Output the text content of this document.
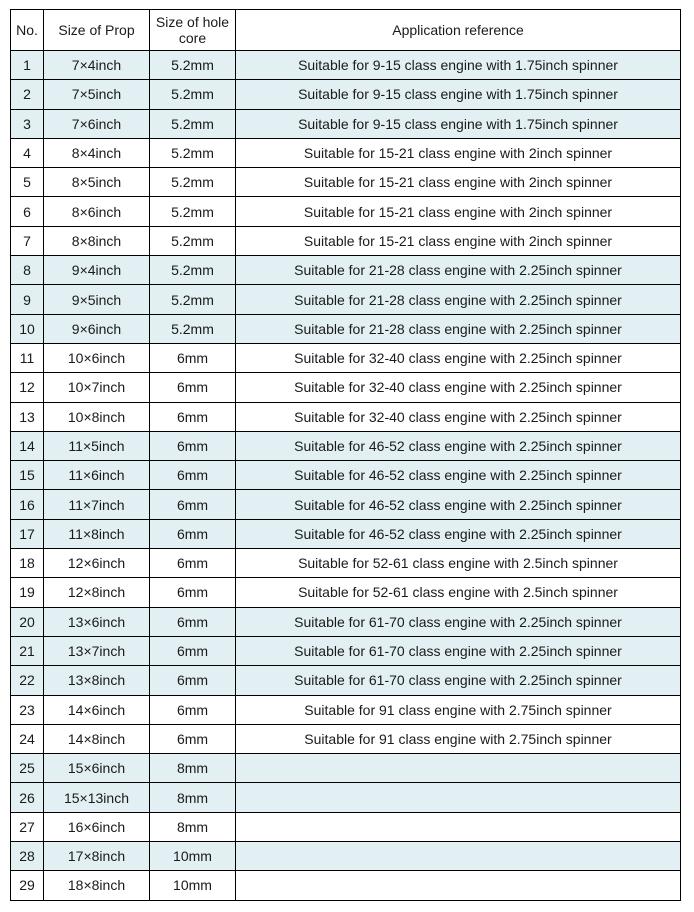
No.	Size of Prop	Size of hole core	Application reference
1	7×4inch	5.2mm	Suitable for 9-15 class engine with 1.75inch spinner
2	7×5inch	5.2mm	Suitable for 9-15 class engine with 1.75inch spinner
3	7×6inch	5.2mm	Suitable for 9-15 class engine with 1.75inch spinner
4	8×4inch	5.2mm	Suitable for 15-21 class engine with 2inch spinner
5	8×5inch	5.2mm	Suitable for 15-21 class engine with 2inch spinner
6	8×6inch	5.2mm	Suitable for 15-21 class engine with 2inch spinner
7	8×8inch	5.2mm	Suitable for 15-21 class engine with 2inch spinner
8	9×4inch	5.2mm	Suitable for 21-28 class engine with 2.25inch spinner
9	9×5inch	5.2mm	Suitable for 21-28 class engine with 2.25inch spinner
10	9×6inch	5.2mm	Suitable for 21-28 class engine with 2.25inch spinner
11	10×6inch	6mm	Suitable for 32-40 class engine with 2.25inch spinner
12	10×7inch	6mm	Suitable for 32-40 class engine with 2.25inch spinner
13	10×8inch	6mm	Suitable for 32-40 class engine with 2.25inch spinner
14	11×5inch	6mm	Suitable for 46-52 class engine with 2.25inch spinner
15	11×6inch	6mm	Suitable for 46-52 class engine with 2.25inch spinner
16	11×7inch	6mm	Suitable for 46-52 class engine with 2.25inch spinner
17	11×8inch	6mm	Suitable for 46-52 class engine with 2.25inch spinner
18	12×6inch	6mm	Suitable for 52-61 class engine with 2.5inch spinner
19	12×8inch	6mm	Suitable for 52-61 class engine with 2.5inch spinner
20	13×6inch	6mm	Suitable for 61-70 class engine with 2.25inch spinner
21	13×7inch	6mm	Suitable for 61-70 class engine with 2.25inch spinner
22	13×8inch	6mm	Suitable for 61-70 class engine with 2.25inch spinner
23	14×6inch	6mm	Suitable for 91 class engine with 2.75inch spinner
24	14×8inch	6mm	Suitable for 91 class engine with 2.75inch spinner
25	15×6inch	8mm	
26	15×13inch	8mm	
27	16×6inch	8mm	
28	17×8inch	10mm	
29	18×8inch	10mm	
